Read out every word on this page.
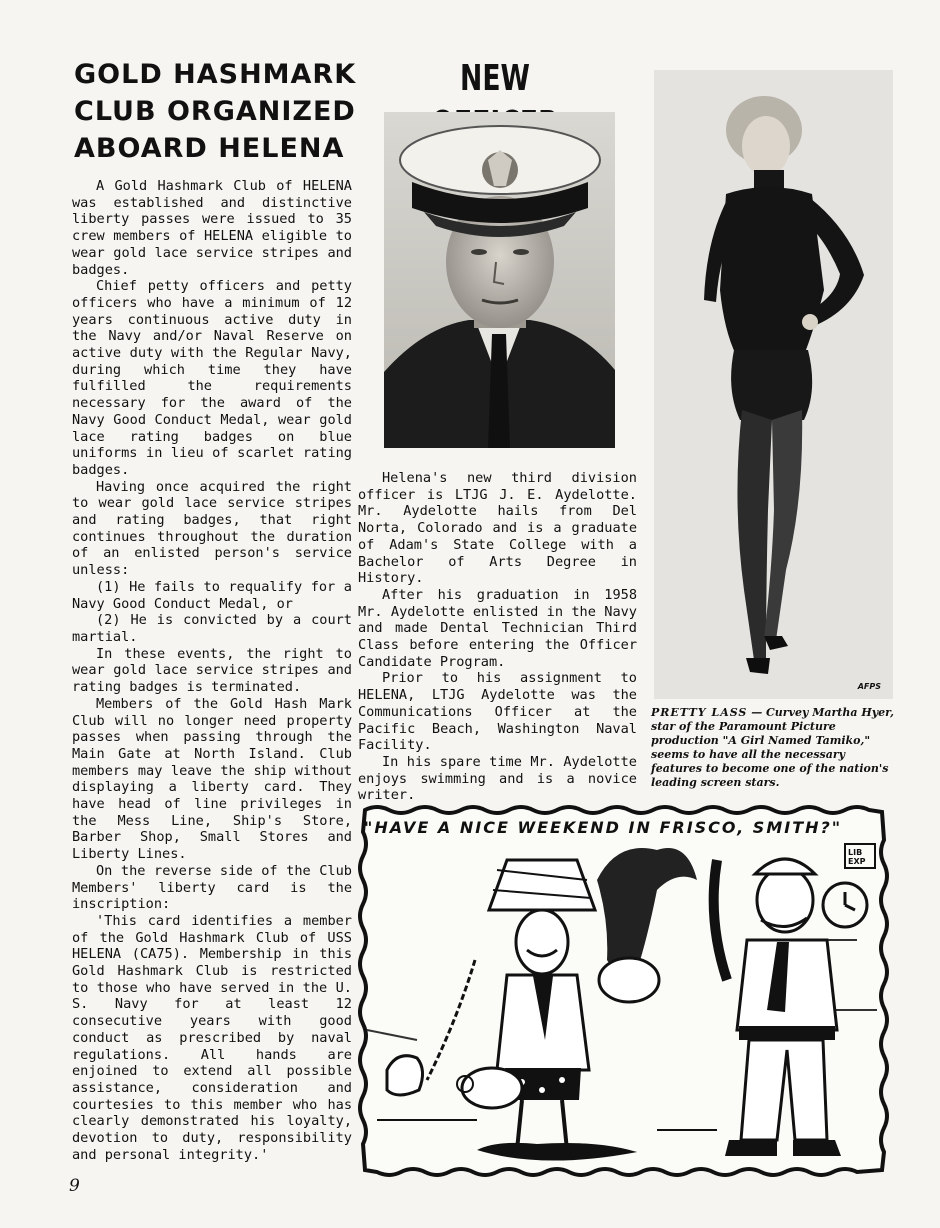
GOLD HASHMARK
CLUB ORGANIZED
ABOARD HELENA

A Gold Hashmark Club of HELENA was established and distinctive liberty passes were issued to 35 crew members of HELENA eligible to wear gold lace service stripes and badges.

Chief petty officers and petty officers who have a minimum of 12 years continuous active duty in the Navy and/or Naval Reserve on active duty with the Regular Navy, during which time they have fulfilled the requirements necessary for the award of the Navy Good Conduct Medal, wear gold lace rating badges on blue uniforms in lieu of scarlet rating badges.

Having once acquired the right to wear gold lace service stripes and rating badges, that right continues throughout the duration of an enlisted person's service unless:

(1) He fails to requalify for a Navy Good Conduct Medal, or

(2) He is convicted by a court martial.

In these events, the right to wear gold lace service stripes and rating badges is terminated.

Members of the Gold Hash Mark Club will no longer need property passes when passing through the Main Gate at North Island. Club members may leave the ship without displaying a liberty card. They have head of line privileges in the Mess Line, Ship's Store, Barber Shop, Small Stores and Liberty Lines.

On the reverse side of the Club Members' liberty card is the inscription:

'This card identifies a member of the Gold Hashmark Club of USS HELENA (CA75). Membership in this Gold Hashmark Club is restricted to those who have served in the U. S. Navy for at least 12 consecutive years with good conduct as prescribed by naval regulations. All hands are enjoined to extend all possible assistance, consideration and courtesies to this member who has clearly demonstrated his loyalty, devotion to duty, responsibility and personal integrity.'

NEW

Helena's new third division officer is LTJG J. E. Aydelotte. Mr. Aydelotte hails from Del Norta, Colorado and is a graduate of Adam's State College with a Bachelor of Arts Degree in History.

After his graduation in 1958 Mr. Aydelotte enlisted in the Navy and made Dental Technician Third Class before entering the Officer Candidate Program.

Prior to his assignment to HELENA, LTJG Aydelotte was the Communications Officer at the Pacific Beach, Washington Naval Facility.

In his spare time Mr. Aydelotte enjoys swimming and is a novice writer.

AFPS

PRETTY LASS — Curvey Martha Hyer, star of the Paramount Picture production "A Girl Named Tamiko," seems to have all the necessary features to become one of the nation's leading screen stars.

"HAVE A NICE WEEKEND IN FRISCO, SMITH?"
LIB
EXP
9
